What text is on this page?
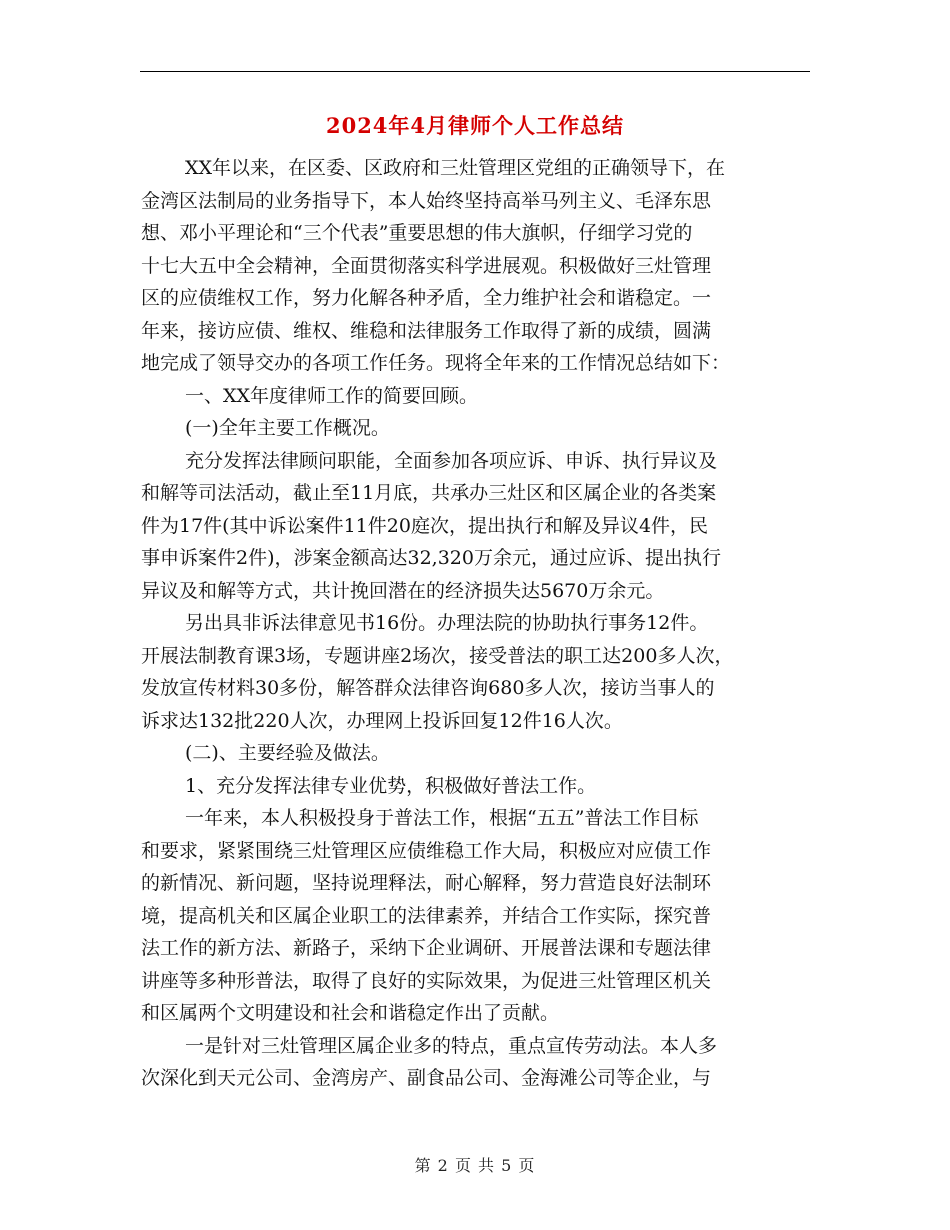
2024年4月律师个人工作总结
XX年以来，在区委、区政府和三灶管理区党组的正确领导下，在
金湾区法制局的业务指导下，本人始终坚持高举马列主义、毛泽东思
想、邓小平理论和“三个代表”重要思想的伟大旗帜，仔细学习党的
十七大五中全会精神，全面贯彻落实科学进展观。积极做好三灶管理
区的应债维权工作，努力化解各种矛盾，全力维护社会和谐稳定。一
年来，接访应债、维权、维稳和法律服务工作取得了新的成绩，圆满
地完成了领导交办的各项工作任务。现将全年来的工作情况总结如下：
一、XX年度律师工作的简要回顾。
(一)全年主要工作概况。
充分发挥法律顾问职能，全面参加各项应诉、申诉、执行异议及
和解等司法活动，截止至11月底，共承办三灶区和区属企业的各类案
件为17件(其中诉讼案件11件20庭次，提出执行和解及异议4件，民
事申诉案件2件)，涉案金额高达32,320万余元，通过应诉、提出执行
异议及和解等方式，共计挽回潜在的经济损失达5670万余元。
另出具非诉法律意见书16份。办理法院的协助执行事务12件。
开展法制教育课3场，专题讲座2场次，接受普法的职工达200多人次，
发放宣传材料30多份，解答群众法律咨询680多人次，接访当事人的
诉求达132批220人次，办理网上投诉回复12件16人次。
(二)、主要经验及做法。
1、充分发挥法律专业优势，积极做好普法工作。
一年来，本人积极投身于普法工作，根据“五五”普法工作目标
和要求，紧紧围绕三灶管理区应债维稳工作大局，积极应对应债工作
的新情况、新问题，坚持说理释法，耐心解释，努力营造良好法制环
境，提高机关和区属企业职工的法律素养，并结合工作实际，探究普
法工作的新方法、新路子，采纳下企业调研、开展普法课和专题法律
讲座等多种形普法，取得了良好的实际效果，为促进三灶管理区机关
和区属两个文明建设和社会和谐稳定作出了贡献。
一是针对三灶管理区属企业多的特点，重点宣传劳动法。本人多
次深化到天元公司、金湾房产、副食品公司、金海滩公司等企业，与
第 2 页 共 5 页
